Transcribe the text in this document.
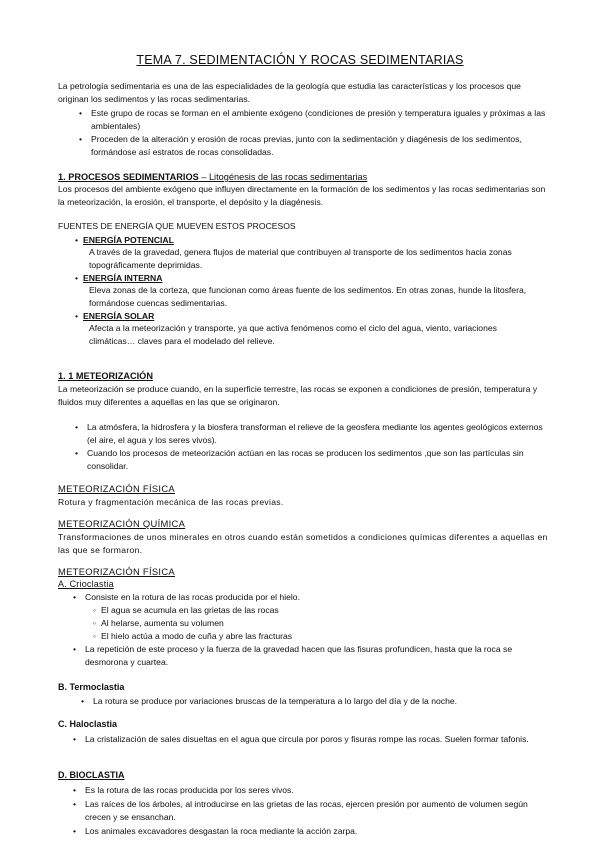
TEMA 7. SEDIMENTACIÓN Y ROCAS SEDIMENTARIAS
La petrología sedimentaria es una de las especialidades de la geología que estudia las características y los procesos que originan los sedimentos y las rocas sedimentarias.
• Este grupo de rocas se forman en el ambiente exógeno (condiciones de presión y temperatura iguales y próximas a las ambientales)
• Proceden de la alteración y erosión de rocas previas, junto con la sedimentación y diagénesis de los sedimentos, formándose así estratos de rocas consolidadas.
1. PROCESOS SEDIMENTARIOS – Litogénesis de las rocas sedimentarias
Los procesos del ambiente exógeno que influyen directamente en la formación de los sedimentos y las rocas sedimentarias son la meteorización, la erosión, el transporte, el depósito y la diagénesis.
FUENTES DE ENERGÍA QUE MUEVEN ESTOS PROCESOS
• ENERGÍA POTENCIAL
A través de la gravedad, genera flujos de material que contribuyen al transporte de los sedimentos hacia zonas topográficamente deprimidas.
• ENERGÍA INTERNA
Eleva zonas de la corteza, que funcionan como áreas fuente de los sedimentos. En otras zonas, hunde la litosfera, formándose cuencas sedimentarias.
• ENERGÍA SOLAR
Afecta a la meteorización y transporte, ya que activa fenómenos como el ciclo del agua, viento, variaciones climáticas… claves para el modelado del relieve.
1. 1 METEORIZACIÓN
La meteorización se produce cuando, en la superficie terrestre, las rocas se exponen a condiciones de presión, temperatura y fluidos muy diferentes a aquellas en las que se originaron.
• La atmósfera, la hidrosfera y la biosfera transforman el relieve de la geosfera mediante los agentes geológicos externos (el aire, el agua y los seres vivos).
• Cuando los procesos de meteorización actúan en las rocas se producen los sedimentos ,que son las partículas sin consolidar.
METEORIZACIÓN FÍSICA
Rotura y fragmentación mecánica de las rocas previas.
METEORIZACIÓN QUÍMICA
Transformaciones de unos minerales en otros cuando están sometidos a condiciones químicas diferentes a aquellas en las que se formaron.
METEORIZACIÓN FÍSICA
A. Crioclastia
• Consiste en la rotura de las rocas producida por el hielo.
◦ El agua se acumula en las grietas de las rocas
◦ Al helarse, aumenta su volumen
◦ El hielo actúa a modo de cuña y abre las fracturas
• La repetición de este proceso y la fuerza de la gravedad hacen que las fisuras profundicen, hasta que la roca se desmorona y cuartea.
B. Termoclastia
• La rotura se produce por variaciones bruscas de la temperatura a lo largo del día y de la noche.
C. Haloclastia
• La cristalización de sales disueltas en el agua que circula por poros y fisuras rompe las rocas. Suelen formar tafonis.
D. BIOCLASTIA
• Es la rotura de las rocas producida por los seres vivos.
• Las raíces de los árboles, al introducirse en las grietas de las rocas, ejercen presión por aumento de volumen según crecen y se ensanchan.
• Los animales excavadores desgastan la roca mediante la acción zarpa.
